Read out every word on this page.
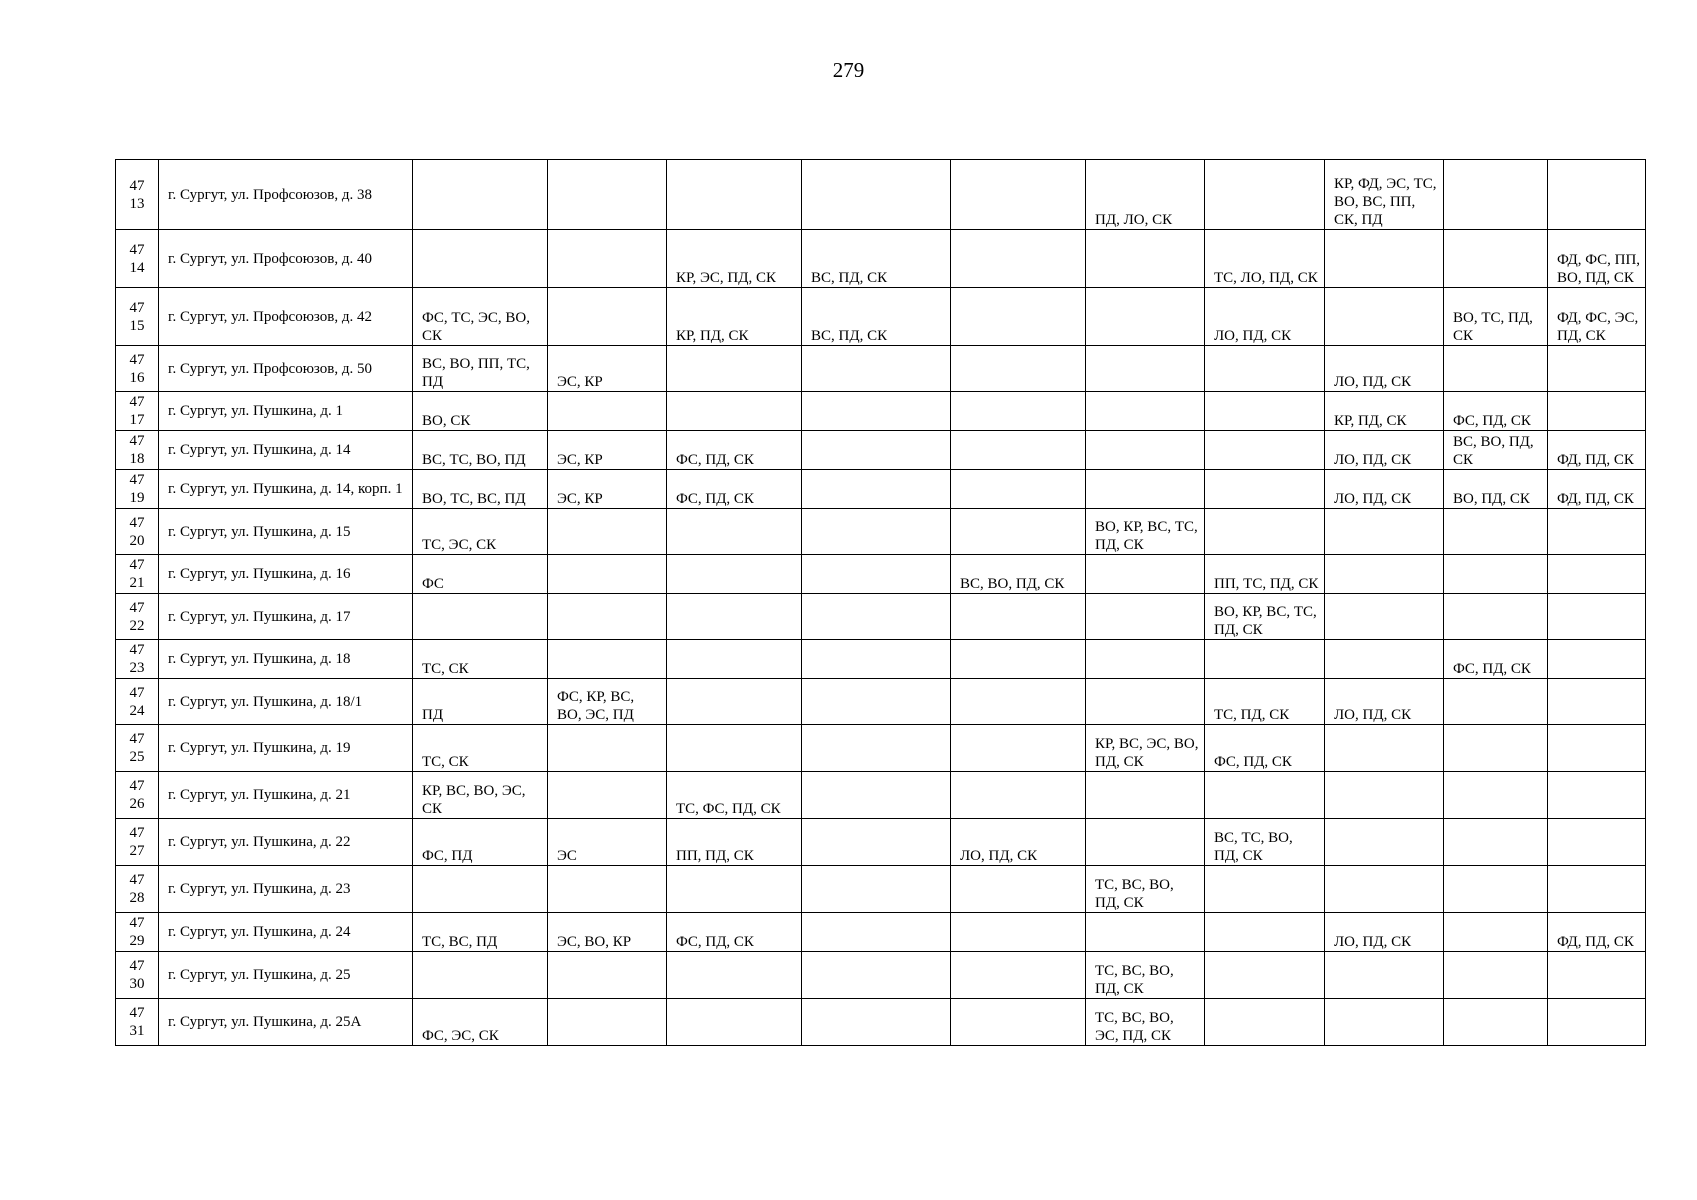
279
47
13	г. Сургут, ул. Профсоюзов, д. 38						ПД, ЛО, СК		КР, ФД, ЭС, ТС, ВО, ВС, ПП, СК, ПД		

47
14	г. Сургут, ул. Профсоюзов, д. 40			КР, ЭС, ПД, СК	ВС, ПД, СК			ТС, ЛО, ПД, СК			ФД, ФС, ПП, ВО, ПД, СК

47
15	г. Сургут, ул. Профсоюзов, д. 42	ФС, ТС, ЭС, ВО, СК		КР, ПД, СК	ВС, ПД, СК			ЛО, ПД, СК		ВО, ТС, ПД, СК	ФД, ФС, ЭС, ПД, СК

47
16	г. Сургут, ул. Профсоюзов, д. 50	ВС, ВО, ПП, ТС, ПД	ЭС, КР						ЛО, ПД, СК		

47
17	г. Сургут, ул. Пушкина, д. 1	ВО, СК							КР, ПД, СК	ФС, ПД, СК	

47
18	г. Сургут, ул. Пушкина, д. 14	ВС, ТС, ВО, ПД	ЭС, КР	ФС, ПД, СК					ЛО, ПД, СК	ВС, ВО, ПД, СК	ФД, ПД, СК

47
19	г. Сургут, ул. Пушкина, д. 14, корп. 1	ВО, ТС, ВС, ПД	ЭС, КР	ФС, ПД, СК					ЛО, ПД, СК	ВО, ПД, СК	ФД, ПД, СК

47
20	г. Сургут, ул. Пушкина, д. 15	ТС, ЭС, СК					ВО, КР, ВС, ТС, ПД, СК				

47
21	г. Сургут, ул. Пушкина, д. 16	ФС				ВС, ВО, ПД, СК		ПП, ТС, ПД, СК			

47
22	г. Сургут, ул. Пушкина, д. 17							ВО, КР, ВС, ТС, ПД, СК			

47
23	г. Сургут, ул. Пушкина, д. 18	ТС, СК								ФС, ПД, СК	

47
24	г. Сургут, ул. Пушкина, д. 18/1	ПД	ФС, КР, ВС, ВО, ЭС, ПД					ТС, ПД, СК	ЛО, ПД, СК		

47
25	г. Сургут, ул. Пушкина, д. 19	ТС, СК					КР, ВС, ЭС, ВО, ПД, СК	ФС, ПД, СК			

47
26	г. Сургут, ул. Пушкина, д. 21	КР, ВС, ВО, ЭС, СК		ТС, ФС, ПД, СК							

47
27	г. Сургут, ул. Пушкина, д. 22	ФС, ПД	ЭС	ПП, ПД, СК		ЛО, ПД, СК		ВС, ТС, ВО, ПД, СК			

47
28	г. Сургут, ул. Пушкина, д. 23						ТС, ВС, ВО, ПД, СК				

47
29	г. Сургут, ул. Пушкина, д. 24	ТС, ВС, ПД	ЭС, ВО, КР	ФС, ПД, СК					ЛО, ПД, СК		ФД, ПД, СК

47
30	г. Сургут, ул. Пушкина, д. 25						ТС, ВС, ВО, ПД, СК				

47
31	г. Сургут, ул. Пушкина, д. 25А	ФС, ЭС, СК					ТС, ВС, ВО, ЭС, ПД, СК				
